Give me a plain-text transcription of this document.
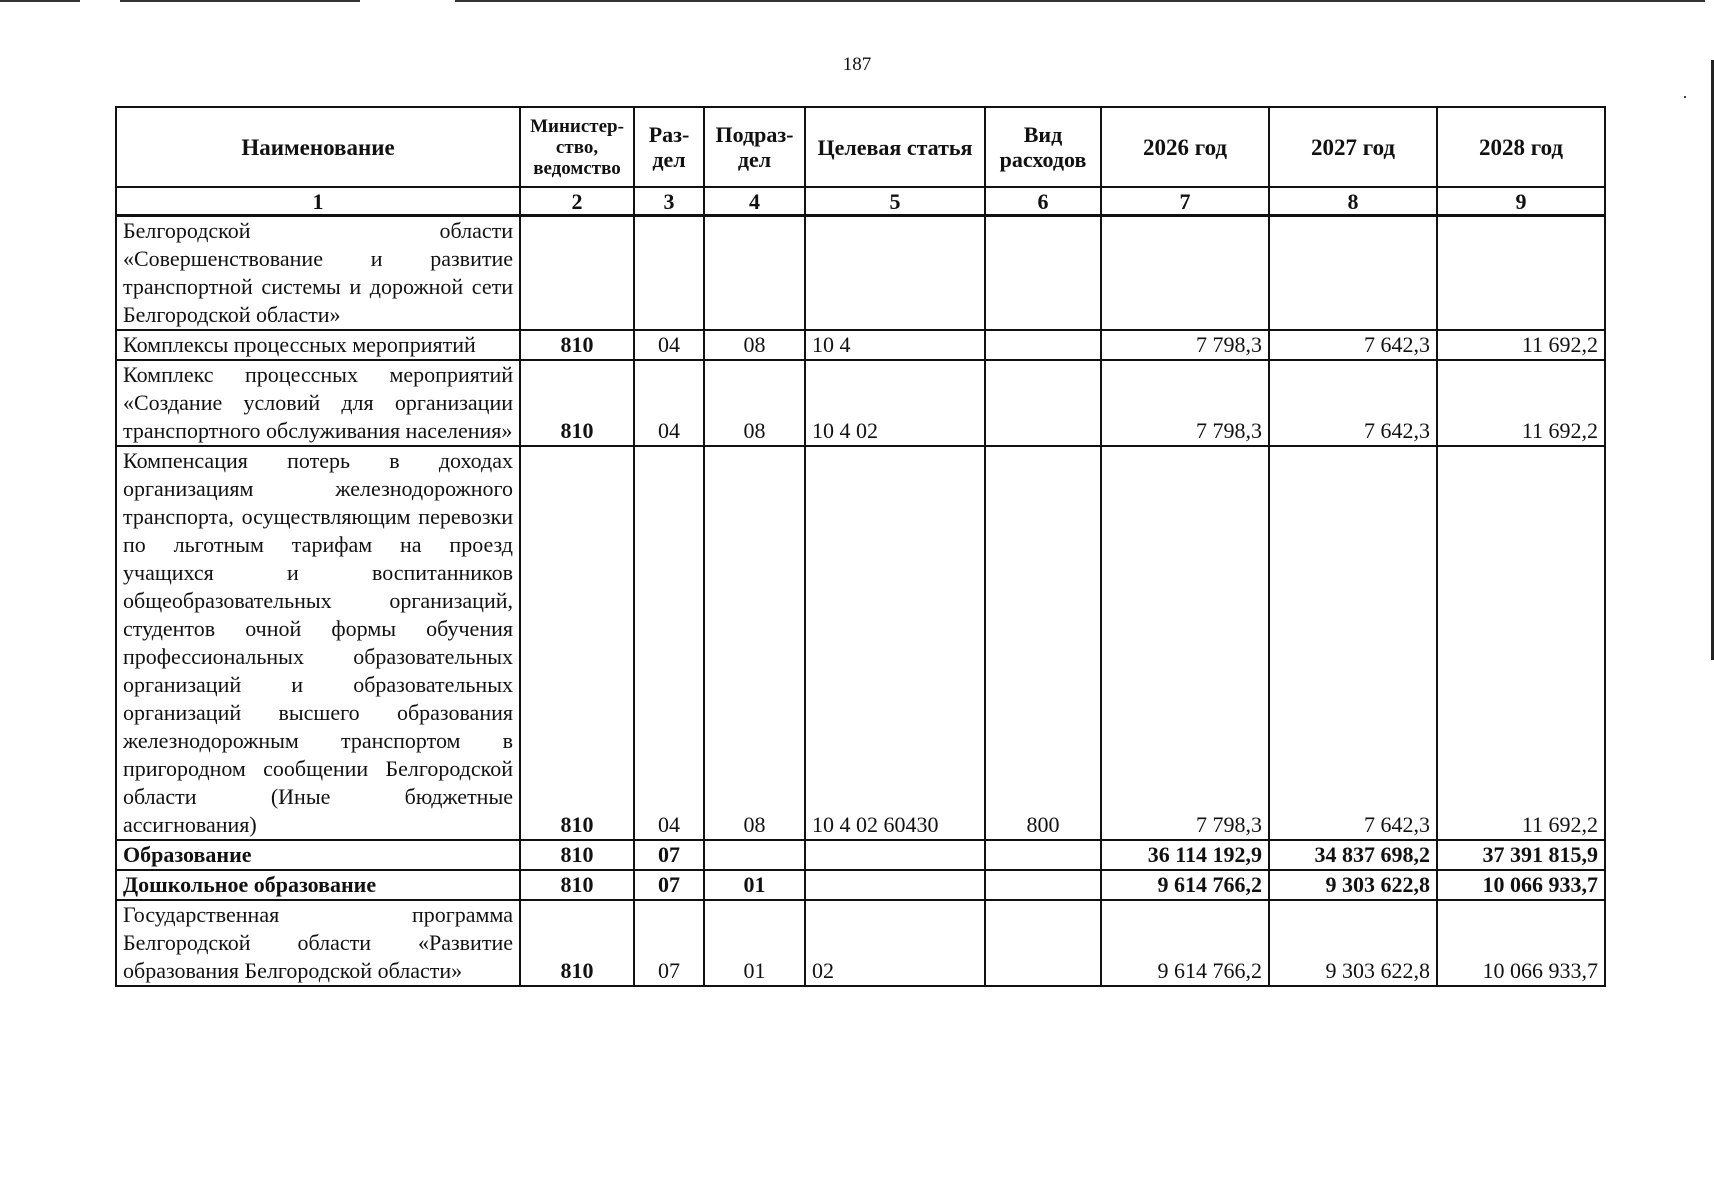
187
Наименование	Министер-ство, ведомство	Раз-дел	Подраз-дел	Целевая статья	Вид расходов	2026 год	2027 год	2028 год
1	2	3	4	5	6	7	8	9
Белгородской области «Совершенствование и развитие транспортной системы и дорожной сети Белгородской области»								
Комплексы процессных мероприятий	810	04	08	10 4		7 798,3	7 642,3	11 692,2
Комплекс процессных мероприятий «Создание условий для организации транспортного обслуживания населения»	810	04	08	10 4 02		7 798,3	7 642,3	11 692,2
Компенсация потерь в доходах организациям железнодорожного транспорта, осуществляющим перевозки по льготным тарифам на проезд учащихся и воспитанников общеобразовательных организаций, студентов очной формы обучения профессиональных образовательных организаций и образовательных организаций высшего образования железнодорожным транспортом в пригородном сообщении Белгородской области (Иные бюджетные ассигнования)	810	04	08	10 4 02 60430	800	7 798,3	7 642,3	11 692,2
Образование	810	07				36 114 192,9	34 837 698,2	37 391 815,9
Дошкольное образование	810	07	01			9 614 766,2	9 303 622,8	10 066 933,7
Государственная программа Белгородской области «Развитие образования Белгородской области»	810	07	01	02		9 614 766,2	9 303 622,8	10 066 933,7
